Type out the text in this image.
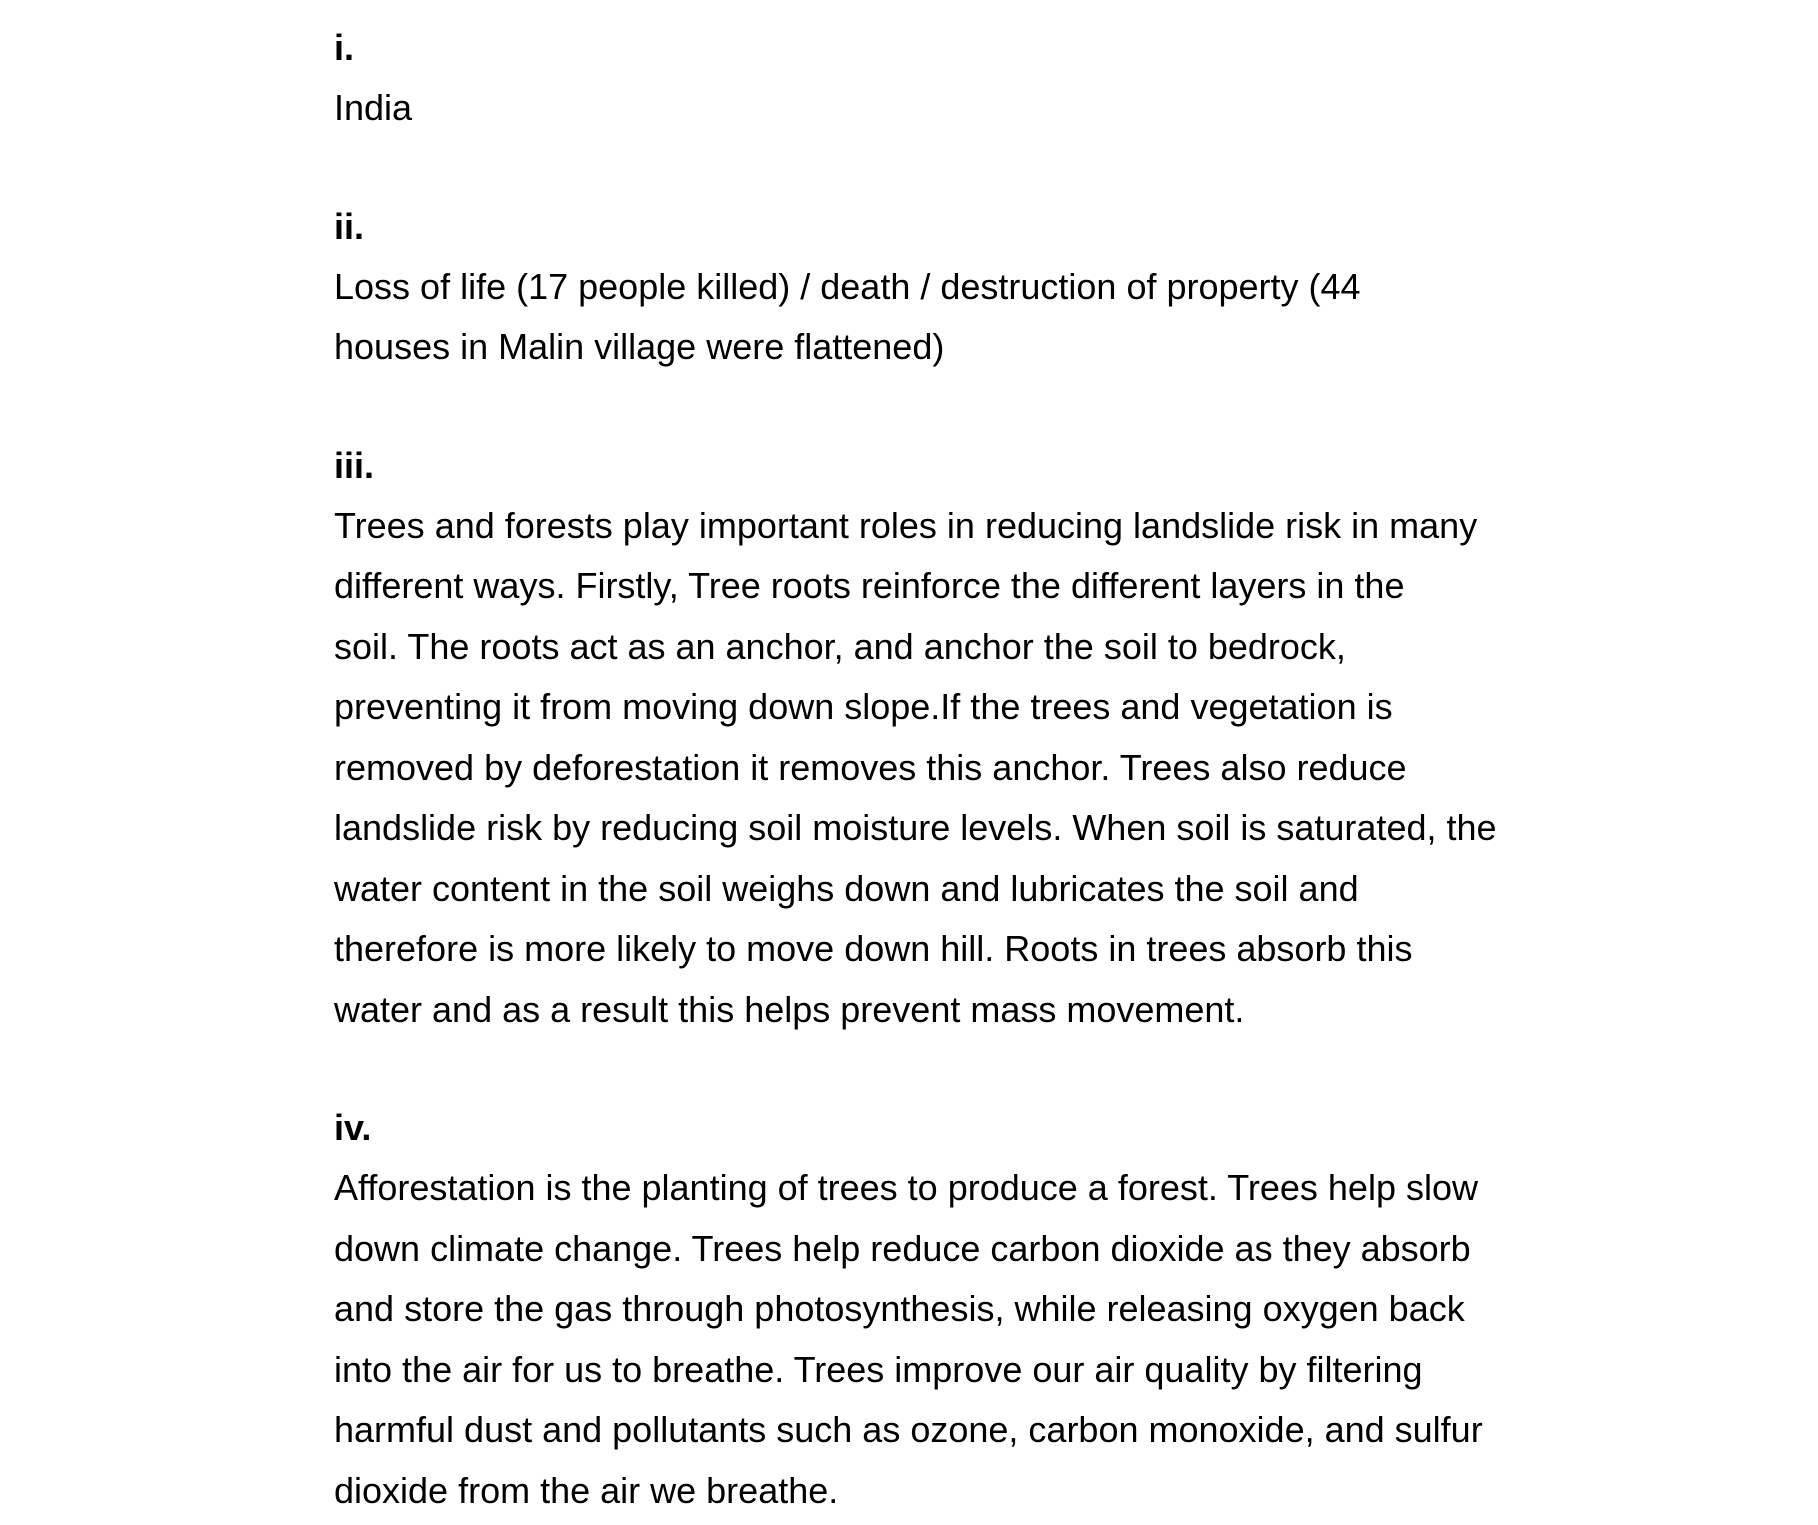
i.

India

ii.

Loss of life (17 people killed) / death / destruction of property (44

houses in Malin village were flattened)

iii.

Trees and forests play important roles in reducing landslide risk in many

different ways. Firstly, Tree roots reinforce the different layers in the

soil. The roots act as an anchor, and anchor the soil to bedrock,

preventing it from moving down slope.If the trees and vegetation is

removed by deforestation it removes this anchor. Trees also reduce

landslide risk by reducing soil moisture levels. When soil is saturated, the

water content in the soil weighs down and lubricates the soil and

therefore is more likely to move down hill. Roots in trees absorb this

water and as a result this helps prevent mass movement.

iv.

Afforestation is the planting of trees to produce a forest. Trees help slow

down climate change. Trees help reduce carbon dioxide as they absorb

and store the gas through photosynthesis, while releasing oxygen back

into the air for us to breathe. Trees improve our air quality by filtering

harmful dust and pollutants such as ozone, carbon monoxide, and sulfur

dioxide from the air we breathe.
